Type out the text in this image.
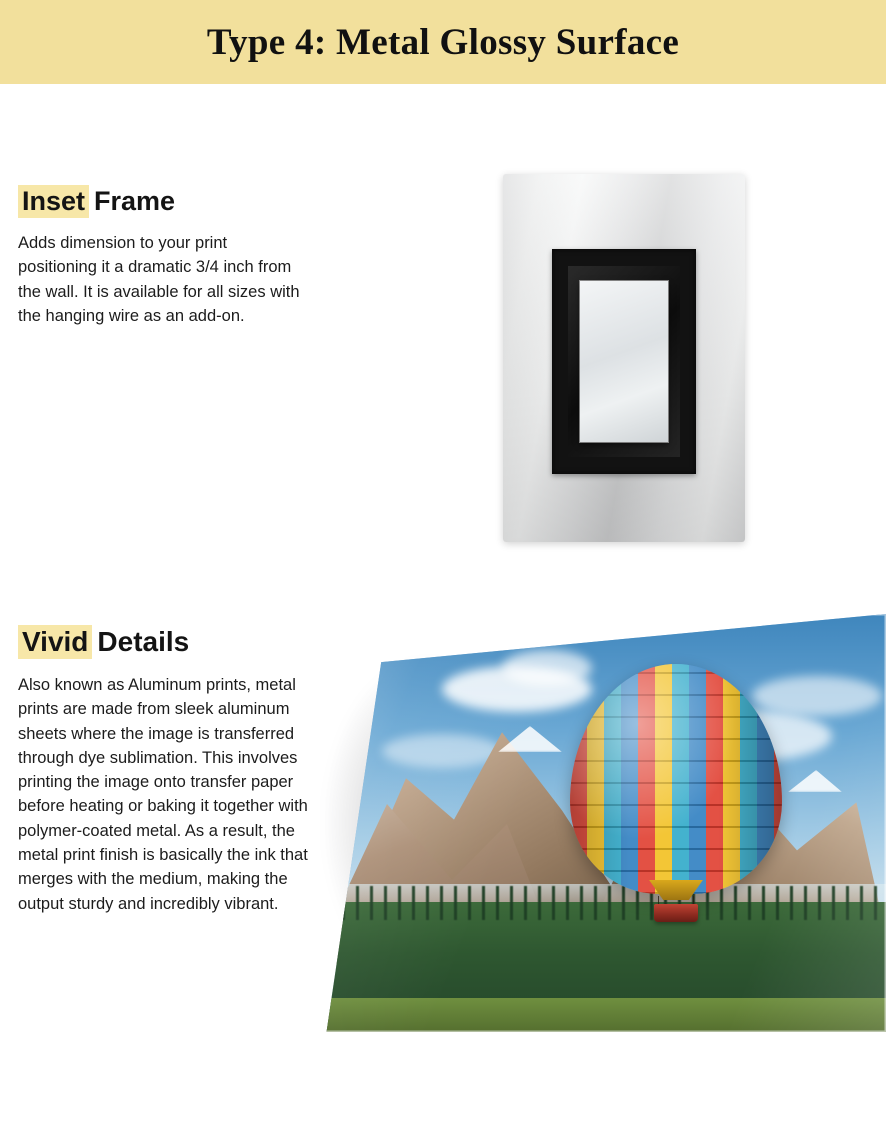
Type 4: Metal Glossy Surface
Inset Frame

Adds dimension to your print positioning it a dramatic 3/4 inch from the wall. It is available for all sizes with the hanging wire as an add-on.

Vivid Details

Also known as Aluminum prints, metal prints are made from sleek aluminum sheets where the image is transferred through dye sublimation. This involves printing the image onto transfer paper before heating or baking it together with polymer-coated metal. As a result, the metal print finish is basically the ink that merges with the medium, making the output sturdy and incredibly vibrant.
